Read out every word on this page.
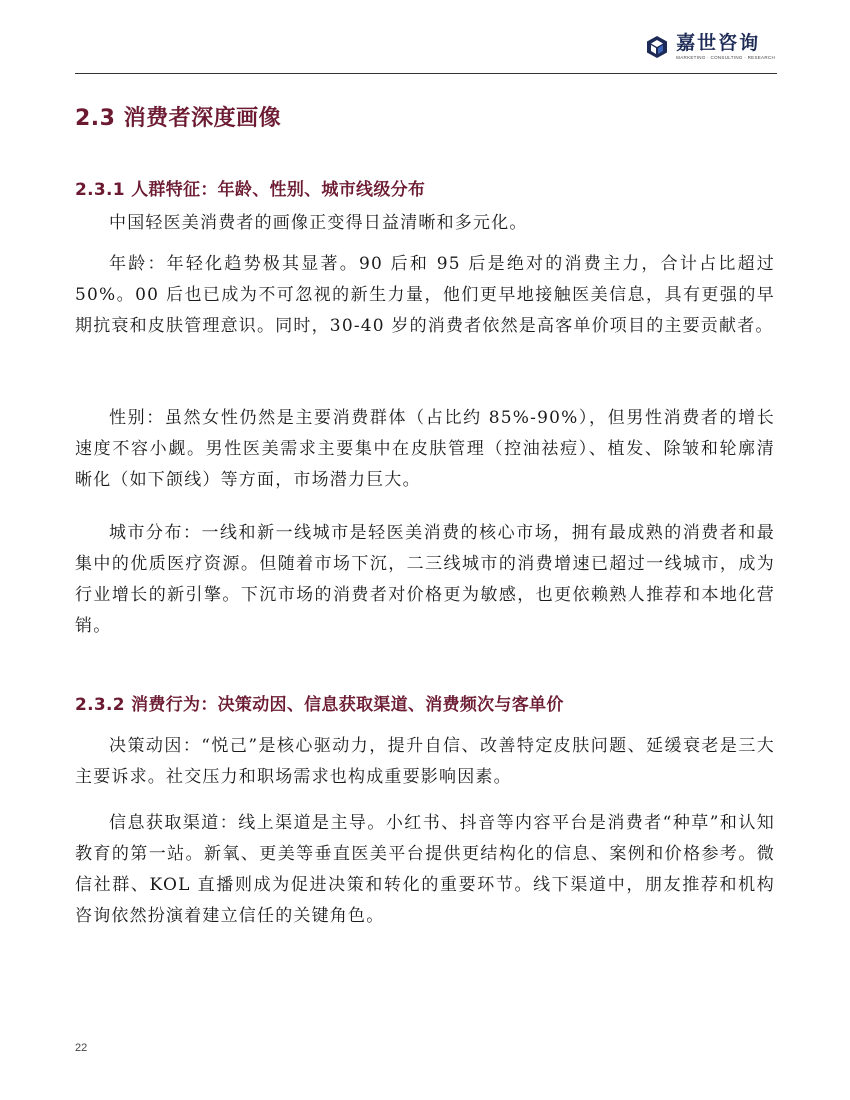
嘉世咨询
MARKETING · CONSULTING · RESEARCH
2.3 消费者深度画像
2.3.1 人群特征：年龄、性别、城市线级分布

中国轻医美消费者的画像正变得日益清晰和多元化。

年龄：年轻化趋势极其显著。90 后和 95 后是绝对的消费主力，合计占比超过 50%。00 后也已成为不可忽视的新生力量，他们更早地接触医美信息，具有更强的早期抗衰和皮肤管理意识。同时，30-40 岁的消费者依然是高客单价项目的主要贡献者。

性别：虽然女性仍然是主要消费群体（占比约 85%-90%），但男性消费者的增长速度不容小觑。男性医美需求主要集中在皮肤管理（控油祛痘）、植发、除皱和轮廓清晰化（如下颌线）等方面，市场潜力巨大。

城市分布：一线和新一线城市是轻医美消费的核心市场，拥有最成熟的消费者和最集中的优质医疗资源。但随着市场下沉，二三线城市的消费增速已超过一线城市，成为行业增长的新引擎。下沉市场的消费者对价格更为敏感，也更依赖熟人推荐和本地化营销。

2.3.2 消费行为：决策动因、信息获取渠道、消费频次与客单价

决策动因：“悦己”是核心驱动力，提升自信、改善特定皮肤问题、延缓衰老是三大主要诉求。社交压力和职场需求也构成重要影响因素。

信息获取渠道：线上渠道是主导。小红书、抖音等内容平台是消费者“种草”和认知教育的第一站。新氧、更美等垂直医美平台提供更结构化的信息、案例和价格参考。微信社群、KOL 直播则成为促进决策和转化的重要环节。线下渠道中，朋友推荐和机构咨询依然扮演着建立信任的关键角色。

22
